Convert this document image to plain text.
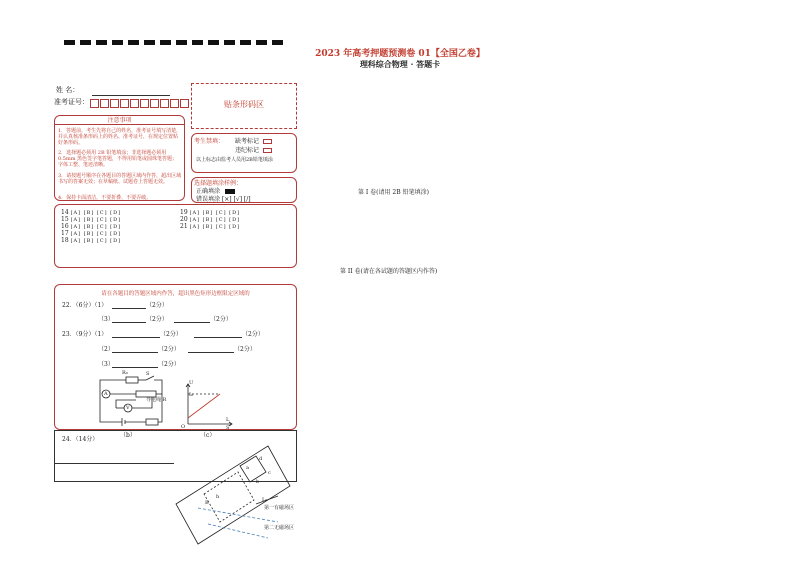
2023 年高考押题预测卷 01【全国乙卷】
理科综合物理 · 答题卡
姓 名：
准考证号：	贴条形码区
注意事项
1．答题前，考生先将自己的姓名，准考证号填写清楚，并认真核准条形码上的姓名、准考证号，在规定位置贴好条形码。
2．选择题必须用 2B 铅笔填涂；非选择题必须用 0.5mm 黑色签字笔答题，不得用铅笔或圆珠笔答题；字体工整、笔迹清晰。
3．请按题号顺序在各题目的答题区域内作答，超出区域书写的答案无效；在草稿纸、试题卷上答题无效。
4．保持卡面清洁，不要折叠、不要弄破。
考生禁填： 缺考标记
违纪标记
以上标志由监考人员用2B铅笔填涂
选择题填涂样例：
正确填涂
错误填涂 [×] [√] [/]
14 [A] [B] [C] [D]
15 [A] [B] [C] [D]
16 [A] [B] [C] [D]
17 [A] [B] [C] [D]
18 [A] [B] [C] [D]
19 [A] [B] [C] [D]
20 [A] [B] [C] [D]
21 [A] [B] [C] [D]
第 I 卷(请用 2B 铅笔填涂)
第 II 卷(请在各试题的答题区内作答)
请在各题目的答题区域内作答，超出黑色矩形边框限定区域的
22．（6分）（1）	（2分）
（3）	（2分）	（2分）
23．（9分）（1）	（2分）	（2分）
（2）	（2分）	（2分）
（3）	（2分）
R₀	S
A
V
导电绳 R
（b）
U
I₀
O
L
S
（c）
24．（14分）
d
a
b
c
B
h	L₀
第一有磁场区
第二无磁场区
